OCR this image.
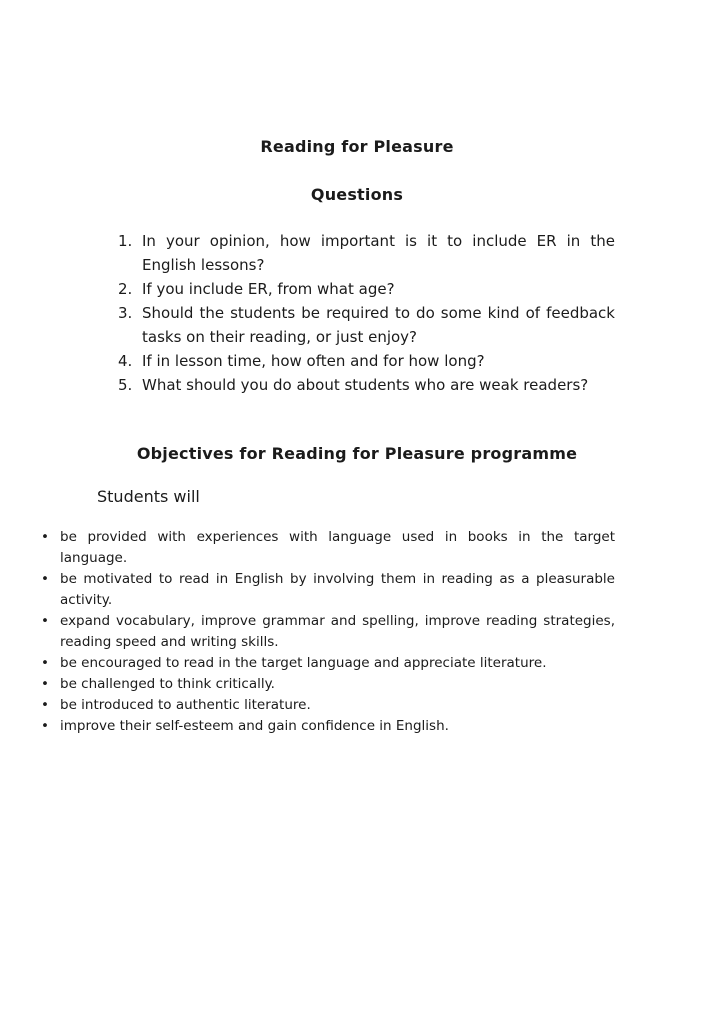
Reading for Pleasure
Questions
In your opinion, how important is it to include ER in the English lessons?
If you include ER, from what age?
Should the students be required to do some kind of feedback tasks on their reading, or just enjoy?
If in lesson time, how often and for how long?
What should you do about students who are weak readers?
Objectives for Reading for Pleasure programme
Students will
• be provided with experiences with language used in books in the target language.
• be motivated to read in English by involving them in reading as a pleasurable activity.
• expand vocabulary, improve grammar and spelling, improve reading strategies, reading speed and writing skills.
• be encouraged to read in the target language and appreciate literature.
• be challenged to think critically.
• be introduced to authentic literature.
• improve their self-esteem and gain confidence in English.
